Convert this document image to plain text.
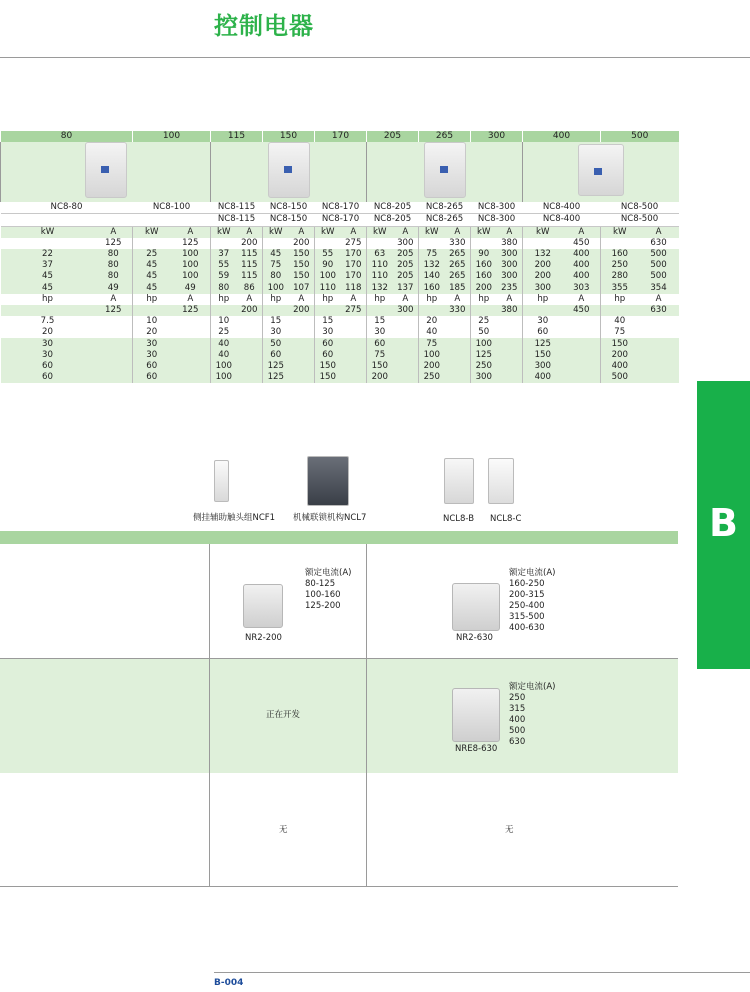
控制电器
B
80		100		115		150		170		205		265		300		400		500	

NC8-80		NC8-100		NC8-115		NC8-150		NC8-170		NC8-205		NC8-265		NC8-300		NC8-400		NC8-500	
				NC8-115		NC8-150		NC8-170		NC8-205		NC8-265		NC8-300		NC8-400		NC8-500	
kW	A	kW	A	kW	A	kW	A	kW	A	kW	A	kW	A	kW	A	kW	A	kW	A
	125		125		200		200		275		300		330		380		450		630
22	80	25	100	37	115	45	150	55	170	63	205	75	265	90	300	132	400	160	500
37	80	45	100	55	115	75	150	90	170	110	205	132	265	160	300	200	400	250	500
45	80	45	100	59	115	80	150	100	170	110	205	140	265	160	300	200	400	280	500
45	49	45	49	80	86	100	107	110	118	132	137	160	185	200	235	300	303	355	354
hp	A	hp	A	hp	A	hp	A	hp	A	hp	A	hp	A	hp	A	hp	A	hp	A
	125		125		200		200		275		300		330		380		450		630
7.5		10		10		15		15		15		20		25		30		40	
20		20		25		30		30		30		40		50		60		75	
30		30		40		50		60		60		75		100		125		150	
30		30		40		60		60		75		100		125		150		200	
60		60		100		125		150		150		200		250		300		400	
60		60		100		125		150		200		250		300		400		500	
侧挂辅助触头组NCF1 机械联锁机构NCL7	NCL8-B NCL8-C
NR2-200
额定电流(A)
80-125
100-160
125-200
NR2-630
额定电流(A)
160-250
200-315
250-400
315-500
400-630
正在开发
NRE8-630
额定电流(A)
250
315
400
500
630
无	无
B-004
